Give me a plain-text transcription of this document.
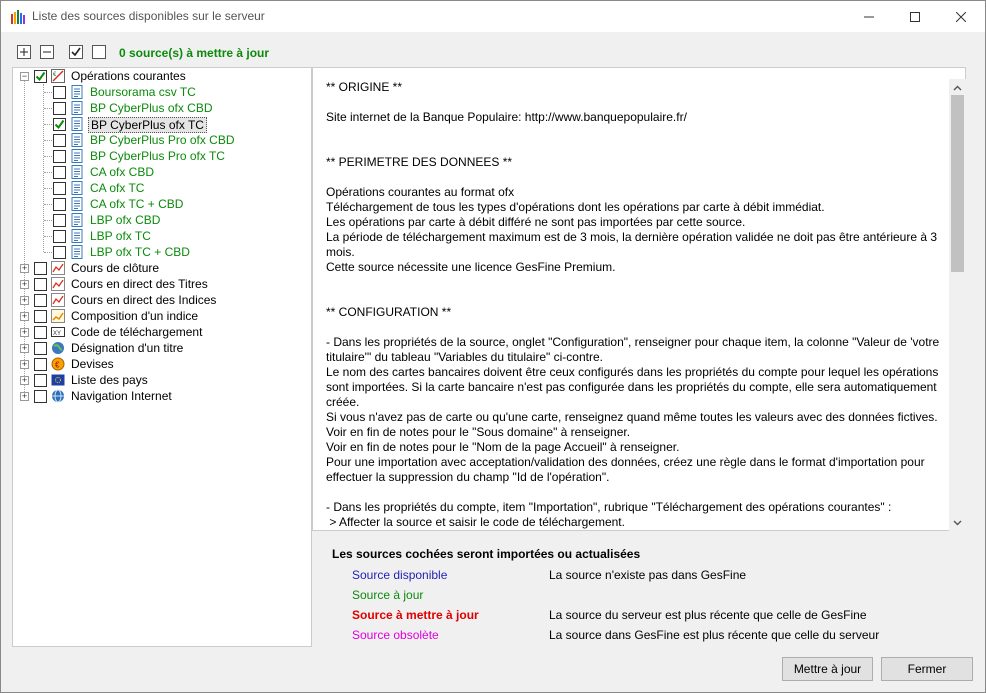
Liste des sources disponibles sur le serveur
0 source(s) à mettre à jour
−	€ Opérations courantes
Boursorama csv TC
BP CyberPlus ofx CBD
BP CyberPlus ofx TC
BP CyberPlus Pro ofx CBD
BP CyberPlus Pro ofx TC
CA ofx CBD
CA ofx TC
CA ofx TC + CBD
LBP ofx CBD
LBP ofx TC
LBP ofx TC + CBD
+	Cours de clôture
+	Cours en direct des Titres
+	Cours en direct des Indices
+	Composition d'un indice
+	XY Code de téléchargement
+	Désignation d'un titre
+	€ Devises
+	Liste des pays
+	Navigation Internet

** ORIGINE **

Site internet de la Banque Populaire: http://www.banquepopulaire.fr/

** PERIMETRE DES DONNEES **

Opérations courantes au format ofx

Téléchargement de tous les types d'opérations dont les opérations par carte à débit immédiat.

Les opérations par carte à débit différé ne sont pas importées par cette source.

La période de téléchargement maximum est de 3 mois, la dernière opération validée ne doit pas être antérieure à 3 mois.

Cette source nécessite une licence GesFine Premium.

** CONFIGURATION **

- Dans les propriétés de la source, onglet "Configuration", renseigner pour chaque item, la colonne "Valeur de 'votre titulaire'" du tableau "Variables du titulaire" ci-contre.

Le nom des cartes bancaires doivent être ceux configurés dans les propriétés du compte pour lequel les opérations sont importées. Si la carte bancaire n'est pas configurée dans les propriétés du compte, elle sera automatiquement créée.

Si vous n'avez pas de carte ou qu'une carte, renseignez quand même toutes les valeurs avec des données fictives.

Voir en fin de notes pour le "Sous domaine" à renseigner.

Voir en fin de notes pour le "Nom de la page Accueil" à renseigner.

Pour une importation avec acceptation/validation des données, créez une règle dans le format d'importation pour effectuer la suppression du champ "Id de l'opération".

- Dans les propriétés du compte, item "Importation", rubrique "Téléchargement des opérations courantes" :

> Affecter la source et saisir le code de téléchargement.

Les sources cochées seront importées ou actualisées
Source disponible	La source n'existe pas dans GesFine
Source à jour
Source à mettre à jour	La source du serveur est plus récente que celle de GesFine
Source obsolète	La source dans GesFine est plus récente que celle du serveur
Mettre à jour	Fermer
